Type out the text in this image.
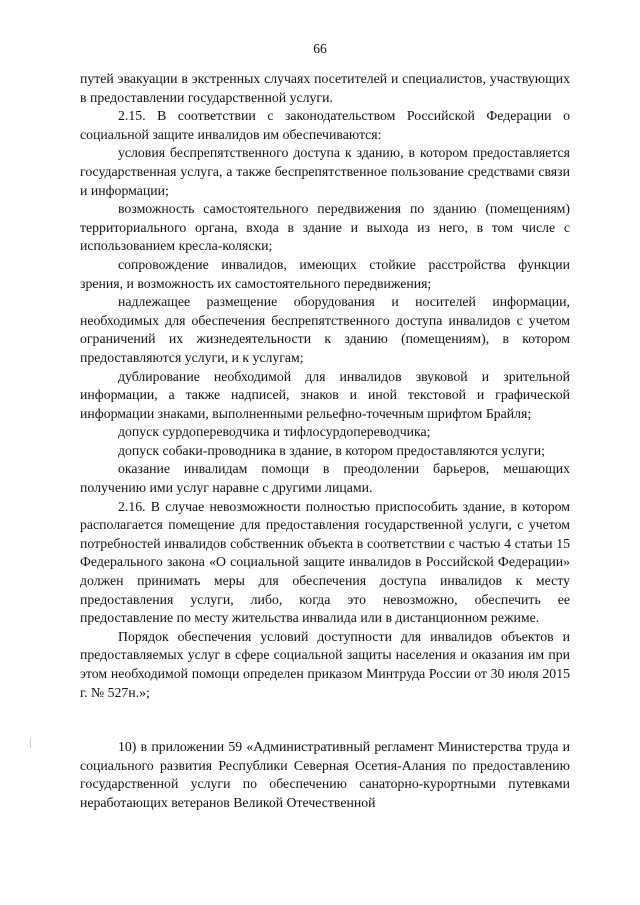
66

путей эвакуации в экстренных случаях посетителей и специалистов, участвующих в предоставлении государственной услуги.

2.15. В соответствии с законодательством Российской Федерации о социальной защите инвалидов им обеспечиваются:

условия беспрепятственного доступа к зданию, в котором предоставляется государственная услуга, а также беспрепятственное пользование средствами связи и информации;

возможность самостоятельного передвижения по зданию (помещениям) территориального органа, входа в здание и выхода из него, в том числе с использованием кресла-коляски;

сопровождение инвалидов, имеющих стойкие расстройства функции зрения, и возможность их самостоятельного передвижения;

надлежащее размещение оборудования и носителей информации, необходимых для обеспечения беспрепятственного доступа инвалидов с учетом ограничений их жизнедеятельности к зданию (помещениям), в котором предоставляются услуги, и к услугам;

дублирование необходимой для инвалидов звуковой и зрительной информации, а также надписей, знаков и иной текстовой и графической информации знаками, выполненными рельефно-точечным шрифтом Брайля;

допуск сурдопереводчика и тифлосурдопереводчика;

допуск собаки-проводника в здание, в котором предоставляются услуги;

оказание инвалидам помощи в преодолении барьеров, мешающих получению ими услуг наравне с другими лицами.

2.16. В случае невозможности полностью приспособить здание, в котором располагается помещение для предоставления государственной услуги, с учетом потребностей инвалидов собственник объекта в соответствии с частью 4 статьи 15 Федерального закона «О социальной защите инвалидов в Российской Федерации» должен принимать меры для обеспечения доступа инвалидов к месту предоставления услуги, либо, когда это невозможно, обеспечить ее предоставление по месту жительства инвалида или в дистанционном режиме.

Порядок обеспечения условий доступности для инвалидов объектов и предоставляемых услуг в сфере социальной защиты населения и оказания им при этом необходимой помощи определен приказом Минтруда России от 30 июля 2015 г. № 527н.»;

10) в приложении 59 «Административный регламент Министерства труда и социального развития Республики Северная Осетия-Алания по предоставлению государственной услуги по обеспечению санаторно-курортными путевками неработающих ветеранов Великой Отечественной
